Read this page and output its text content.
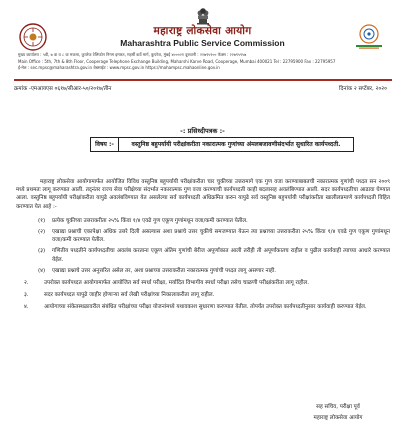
महाराष्ट्र लोकसेवा आयोग
Maharashtra Public Service Commission
मुख्य कार्यालय : ५वी, ७ वा व ८ वा मजला, कुपरेज टेलिफोन निगम इमारत, महर्षी कर्वे मार्ग, कुपरेज, मुंबई ४०००२१ दूरध्वनी : २२७९५९०० फॅक्स : २२७९५९५७
Main Office : 5th, 7th & 8th Floor, Cooperage Telephone Exchange Building, Maharshi Karve Road, Cooperage, Mumbai 400021 Tel : 22795900 Fax : 22795957
ई-मेल : sec.mpsc@maharashtra.gov.in वेबसाईट : www.mpsc.gov.in https://mahampsc.mahaonline.gov.in
क्रमांक -एमआयएस ०६१७/सीआर-५०/२०१७/तीन	दिनांक २ सप्टेंबर, २०२०
-: प्रसिध्दीपत्रक :-
विषय :-	वस्तुनिष्ठ बहुपर्यायी परीक्षांकरीता नकारात्मक गुणांच्या अंमलबजावणीसंदर्भात सुधारित कार्यपध्दती.

महाराष्ट्र लोकसेवा आयोगामार्फत आयोजित विविध वस्तुनिष्ठ बहुपर्यायी परीक्षांकरीता चार चुकीच्या उत्तरामागे एक गुण वजा करण्याबाबतची नकारात्मक गुणांची पध्दत सन २००९ मध्ये प्रथमतः लागू करण्यात आली. तद्नंतर राज्य सेवा परीक्षेच्या संदर्भात नकारात्मक गुण वजा करण्याची कार्यपध्दती काही बदलासह अवलंबिण्यात आली. सदर कार्यपध्दतीचा आढावा घेण्यात आला. वस्तुनिष्ठ बहुपर्यायी परीक्षांकरीता यापुढे अवलंबविण्यात येत असलेल्या सर्व कार्यपध्दती अधिक्रमित करुन यापुढे सर्व वस्तुनिष्ठ बहुपर्यायी परीक्षांकरीता खालीलप्रमाणे कार्यपध्दती विहित करण्यात येत आहे :-

(१)	प्रत्येक चुकीच्या उत्तराकरीता २५% किंवा १/४ एवढे गुण एकूण गुणांमधून वजा/कमी करण्यात येतील.
(२)	एखाद्या प्रश्नाची एकापेक्षा अधिक उत्तरे दिली असल्यास अशा प्रश्नाचे उत्तर चुकीचे समजण्यात येऊन त्या प्रश्नाच्या उत्तराकरीता २५% किंवा १/४ एवढे गुण एकूण गुणांमधून वजा/कमी करण्यात येतील.
(३)	गणितीय पध्दतीने कार्यपध्दतीचा अवलंब करताना एकूण अंतिम गुणांची बेरीज अपूर्णांकात आली तरीही ती अपूर्णांकातच राहील व पुढील कार्यवाही त्याच्या आधारे करण्यात येईल.
(४)	एखाद्या प्रश्नाचे उत्तर अनुत्तरित असेल तर, अशा प्रश्नाच्या उत्तराकरीता नकारात्मक गुणांची पध्दत लागू असणार नाही.
२.	उपरोक्त कार्यपध्दत आयोगामार्फत आयोजित सर्व स्पर्धा परीक्षा, मर्यादित विभागीय स्पर्धा परीक्षा तसेच चाळणी परीक्षांकरीता लागू राहील.
३.	सदर कार्यपध्दत यापुढे जाहीर होणाऱ्या सर्व लेखी परीक्षांच्या निकालाकरीता लागू राहील.
४.	आयोगाच्या संकेतस्थळावरील संबंधित परीक्षांच्या परीक्षा योजनांमध्ये यथावकाश सुधारणा करण्यात येतील. तोपर्यंत उपरोक्त कार्यपध्दतीनुसार कार्यवाही करण्यात येईल.
सह सचिव, परीक्षा पूर्व
महाराष्ट्र लोकसेवा आयोग
